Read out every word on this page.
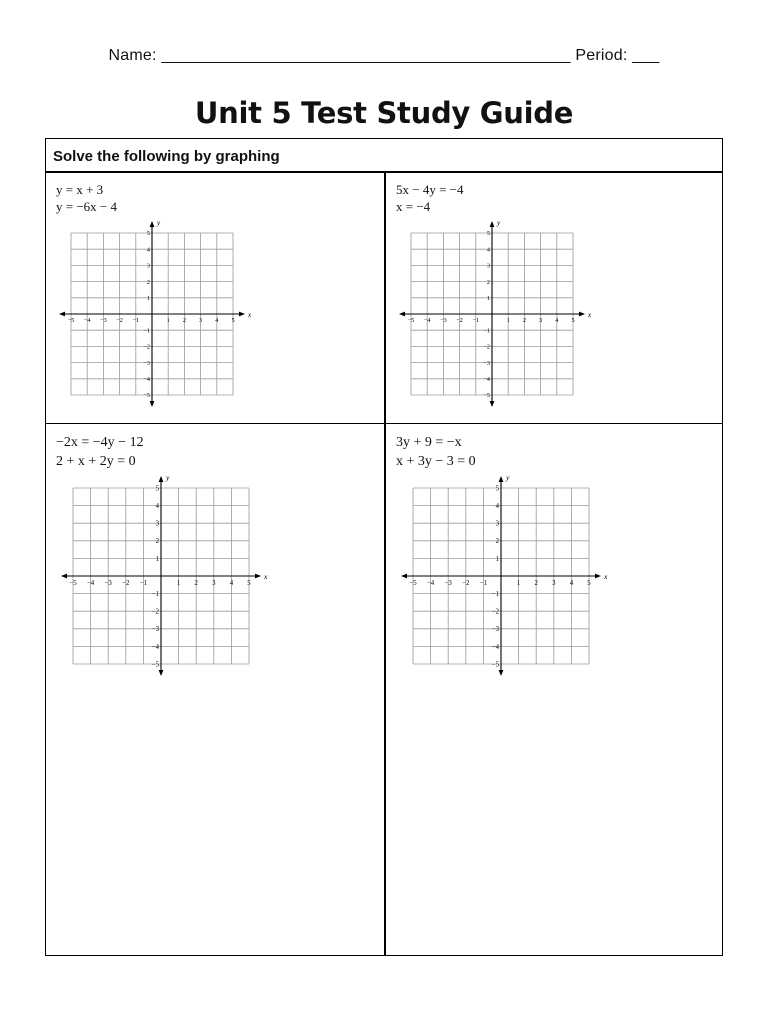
Name: _____________________________________________ Period: ___
Unit 5 Test Study Guide
Solve the following by graphing
y = x + 3
y = −6x − 4
x
y
−5 −4 −3 −2 −1	1 2 3 4 5
5
4
3
2
1
−1
−2
−3
−4
−5
5x − 4y = −4
x = −4
x
y
−5 −4 −3 −2 −1	1 2 3 4 5
5
4
3
2
1
−1
−2
−3
−4
−5
−2x = −4y − 12
2 + x + 2y = 0
x
y
−5 −4 −3 −2 −1	1 2 3 4 5
5
4
3
2
1
−1
−2
−3
−4
−5
3y + 9 = −x
x + 3y − 3 = 0
x
y
−5 −4 −3 −2 −1	1 2 3 4 5
5
4
3
2
1
−1
−2
−3
−4
−5
